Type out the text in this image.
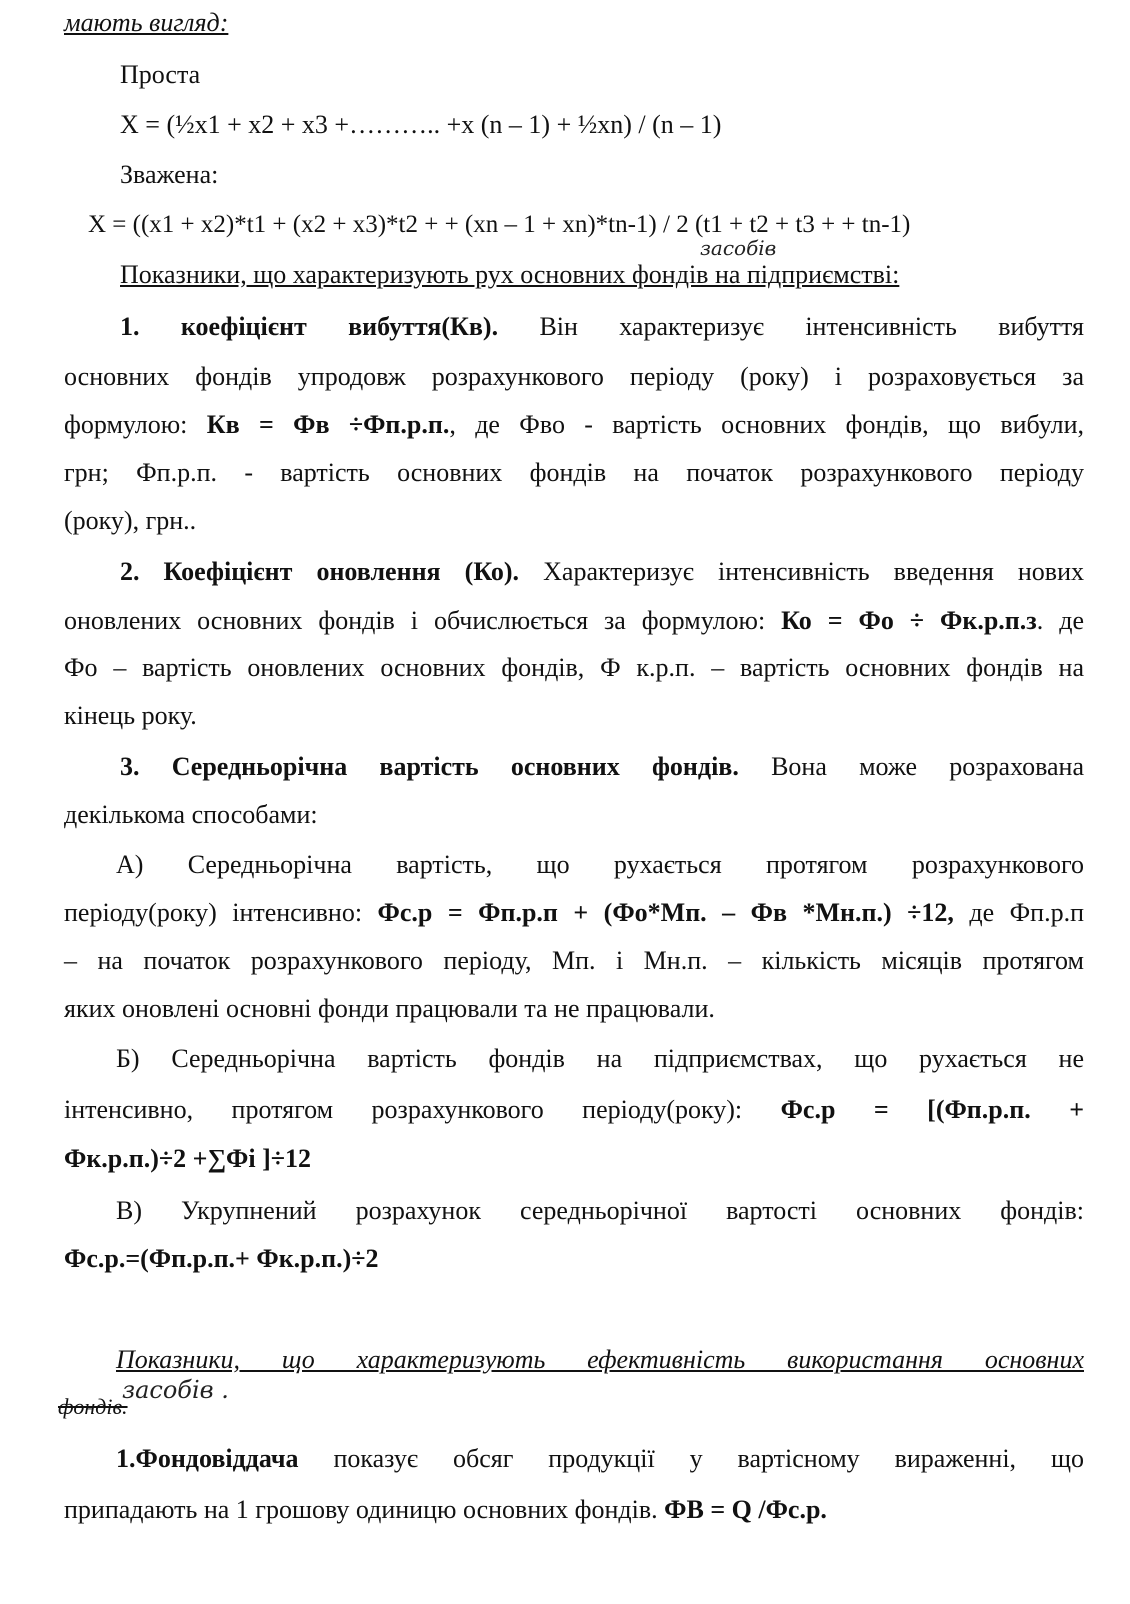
мають вигляд:
Проста
X = (½x1 + x2 + x3 +……….. +x (n – 1) + ½xn) / (n – 1)
Зважена:
X = ((x1 + x2)*t1 + (x2 + x3)*t2 + + (xn – 1 + xn)*tn-1) / 2 (t1 + t2 + t3 + + tn-1)
засобів
Показники, що характеризують рух основних фондів на підприємстві:
1. коефіцієнт вибуття(Кв). Він характеризує інтенсивність вибуття
основних фондів упродовж розрахункового періоду (року) і розраховується за
формулою: Кв = Фв ÷Фп.р.п., де Фво - вартість основних фондів, що вибули,
грн; Фп.р.п. - вартість основних фондів на початок розрахункового періоду
(року), грн..
2. Коефіцієнт оновлення (Ко). Характеризує інтенсивність введення нових
оновлених основних фондів і обчислюється за формулою: Ко = Фо ÷ Фк.р.п.з. де
Фо – вартість оновлених основних фондів, Ф к.р.п. – вартість основних фондів на
кінець року.
3. Середньорічна вартість основних фондів. Вона може розрахована
декількома способами:
А) Середньорічна вартість, що рухається протягом розрахункового
періоду(року) інтенсивно: Фс.р = Фп.р.п + (Фо*Мп. – Фв *Мн.п.) ÷12, де Фп.р.п
– на початок розрахункового періоду, Мп. і Мн.п. – кількість місяців протягом
яких оновлені основні фонди працювали та не працювали.
Б) Середньорічна вартість фондів на підприємствах, що рухається не
інтенсивно, протягом розрахункового періоду(року): Фс.р = [(Фп.р.п. +
Фк.р.п.)÷2 +∑Фі ]÷12
В) Укрупнений розрахунок середньорічної вартості основних фондів:
Фс.р.=(Фп.р.п.+ Фк.р.п.)÷2
Показники, що характеризують ефективність використання основних
фондів.
засобів .
1.Фондовіддача показує обсяг продукції у вартісному вираженні, що
припадають на 1 грошову одиницю основних фондів. ФВ = Q /Фс.р.
